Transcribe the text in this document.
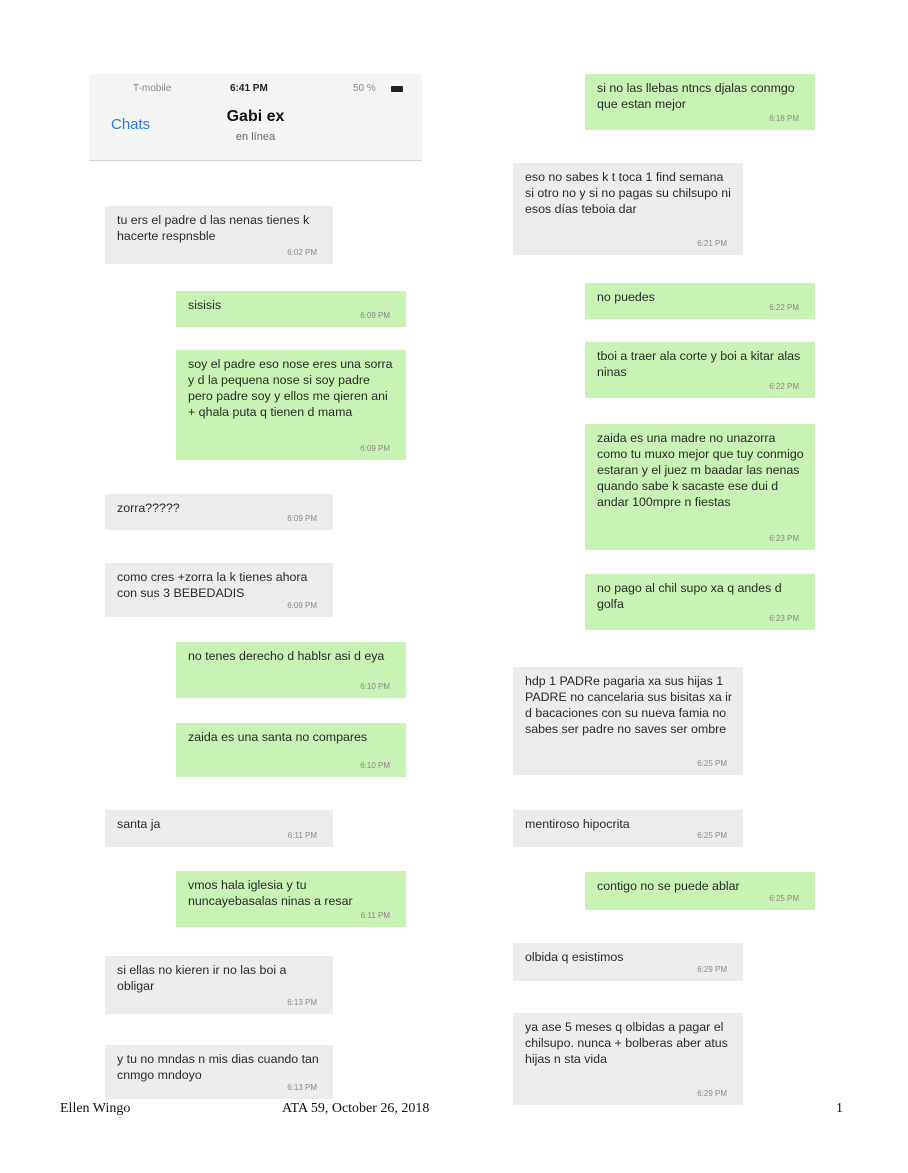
T-mobile	6:41 PM	50 %
Chats	Gabi ex
en línea
tu ers el padre d las nenas tienes k hacerte respnsble
6:02 PM
sisisis
6:09 PM
soy el padre eso nose eres una sorra y d la pequena nose si soy padre pero padre soy y ellos me qieren ani + qhala puta q tienen d mama
6:09 PM
zorra?????
6:09 PM
como cres +zorra la k tienes ahora con sus 3 BEBEDADIS
6:09 PM
no tenes derecho d hablsr asi d eya
6:10 PM
zaida es una santa no compares
6:10 PM
santa ja
6:11 PM
vmos hala iglesia y tu nuncayebasalas ninas a resar
6:11 PM
si ellas no kieren ir no las boi a obligar
6:13 PM
y tu no mndas n mis dias cuando tan cnmgo mndoyo
6:13 PM
si no las llebas ntncs djalas conmgo que estan mejor
6:18 PM
eso no sabes k t toca 1 find semana si otro no y si no pagas su chilsupo ni esos días teboia dar
6:21 PM
no puedes
6:22 PM
tboi a traer ala corte y boi a kitar alas ninas
6:22 PM
zaida es una madre no unazorra como tu muxo mejor que tuy conmigo estaran y el juez m baadar las nenas quando sabe k sacaste ese dui d andar 100mpre n fiestas
6:23 PM
no pago al chil supo xa q andes d golfa
6:23 PM
hdp 1 PADRe pagaria xa sus hijas 1 PADRE no cancelaria sus bisitas xa ir d bacaciones con su nueva famia no sabes ser padre no saves ser ombre
6:25 PM
mentiroso hipocrita
6:25 PM
contigo no se puede ablar
6:25 PM
olbida q esistimos
6:29 PM
ya ase 5 meses q olbidas a pagar el chilsupo. nunca + bolberas aber atus hijas n sta vida
6:29 PM
Ellen Wingo	ATA 59, October 26, 2018	1
